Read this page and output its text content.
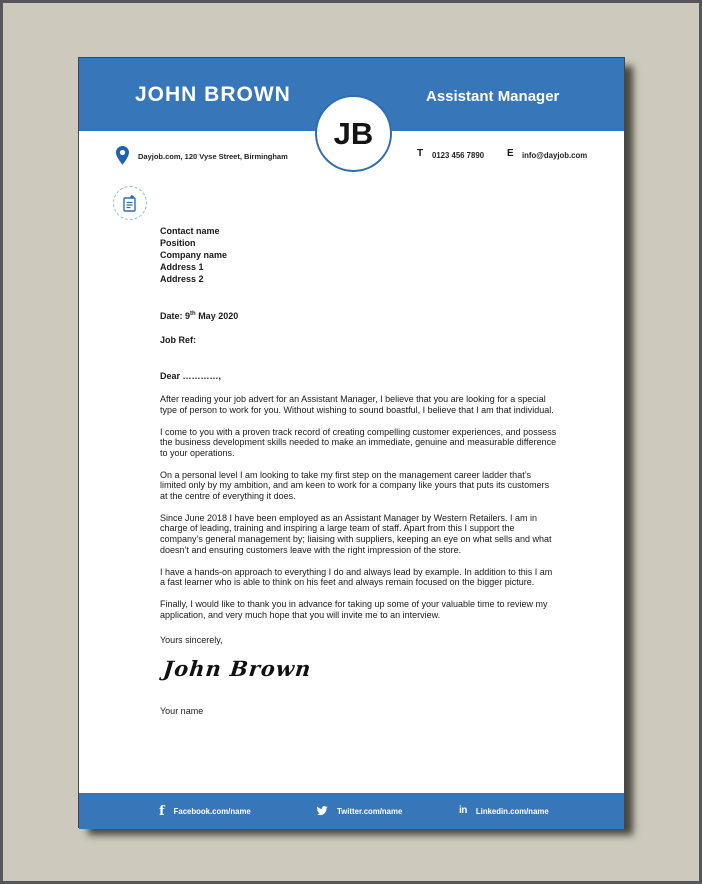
JOHN BROWN	Assistant Manager
JB
Dayjob.com, 120 Vyse Street, Birmingham	T 0123 456 7890 E info@dayjob.com
Contact name
Position
Company name
Address 1
Address 2
Date: 9th May 2020
Job Ref:
Dear …………,
After reading your job advert for an Assistant Manager, I believe that you are looking for a special type of person to work for you. Without wishing to sound boastful, I believe that I am that individual.
I come to you with a proven track record of creating compelling customer experiences, and possess the business development skills needed to make an immediate, genuine and measurable difference to your operations.
On a personal level I am looking to take my first step on the management career ladder that’s limited only by my ambition, and am keen to work for a company like yours that puts its customers at the centre of everything it does.
Since June 2018 I have been employed as an Assistant Manager by Western Retailers. I am in charge of leading, training and inspiring a large team of staff. Apart from this I support the company’s general management by; liaising with suppliers, keeping an eye on what sells and what doesn’t and ensuring customers leave with the right impression of the store.
I have a hands-on approach to everything I do and always lead by example. In addition to this I am a fast learner who is able to think on his feet and always remain focused on the bigger picture.
Finally, I would like to thank you in advance for taking up some of your valuable time to review my application, and very much hope that you will invite me to an interview.
Yours sincerely,
John Brown
Your name
f Facebook.com/name	Twitter.com/name	in Linkedin.com/name
